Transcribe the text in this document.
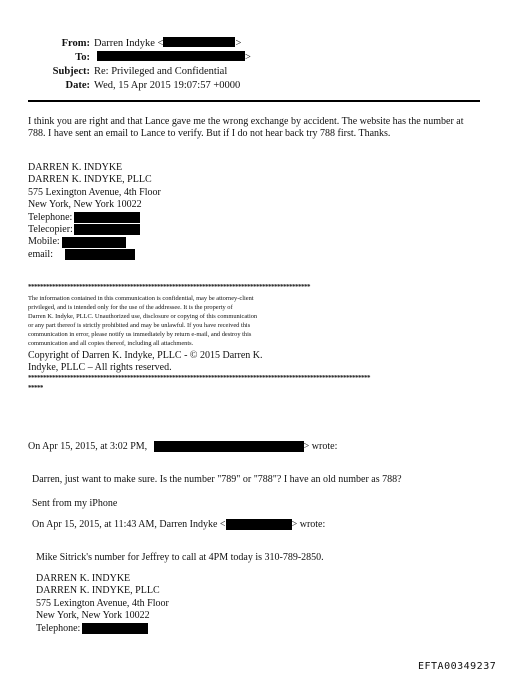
From: Darren Indyke <	>
To:	>
Subject: Re: Privileged and Confidential
Date: Wed, 15 Apr 2015 19:07:57 +0000
I think you are right and that Lance gave me the wrong exchange by accident. The website has the number at
788. I have sent an email to Lance to verify. But if I do not hear back try 788 first. Thanks.
DARREN K. INDYKE
DARREN K. INDYKE, PLLC
575 Lexington Avenue, 4th Floor
New York, New York 10022
Telephone:
Telecopier:
Mobile:
email:
**********************************************************************************************
The information contained in this communication is confidential, may be attorney-client
privileged, and is intended only for the use of the addressee. It is the property of
Darren K. Indyke, PLLC. Unauthorized use, disclosure or copying of this communication
or any part thereof is strictly prohibited and may be unlawful. If you have received this
communication in error, please notify us immediately by return e-mail, and destroy this
communication and all copies thereof, including all attachments.
Copyright of Darren K. Indyke, PLLC - © 2015 Darren K.
Indyke, PLLC – All rights reserved.
******************************************************************************************************************
*****
On Apr 15, 2015, at 3:02 PM,	> wrote:
Darren, just want to make sure. Is the number "789" or "788"? I have an old number as 788?
Sent from my iPhone
On Apr 15, 2015, at 11:43 AM, Darren Indyke <	> wrote:
Mike Sitrick's number for Jeffrey to call at 4PM today is 310-789-2850.
DARREN K. INDYKE
DARREN K. INDYKE, PLLC
575 Lexington Avenue, 4th Floor
New York, New York 10022
Telephone:
EFTA00349237
